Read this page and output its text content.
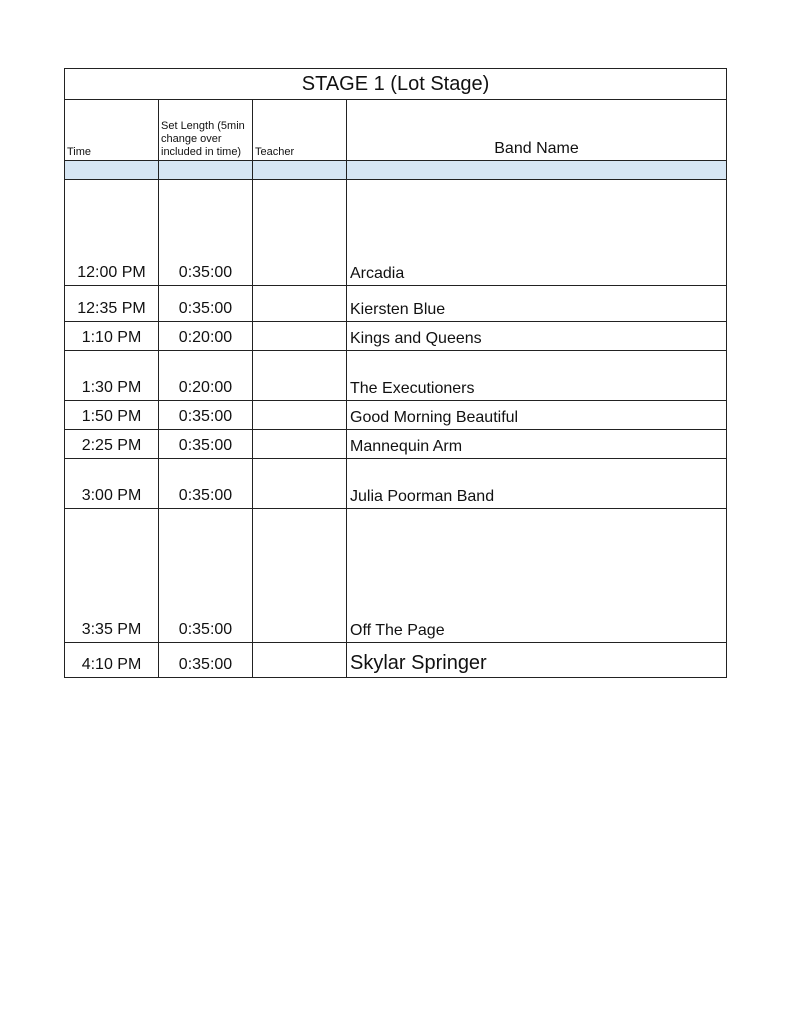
STAGE 1 (Lot Stage)			
Time	Set Length (5min change over included in time)	Teacher	Band Name

12:00 PM	0:35:00		Arcadia
12:35 PM	0:35:00		Kiersten Blue
1:10 PM	0:20:00		Kings and Queens
1:30 PM	0:20:00		The Executioners
1:50 PM	0:35:00		Good Morning Beautiful
2:25 PM	0:35:00		Mannequin Arm
3:00 PM	0:35:00		Julia Poorman Band
3:35 PM	0:35:00		Off The Page
4:10 PM	0:35:00		Skylar Springer
